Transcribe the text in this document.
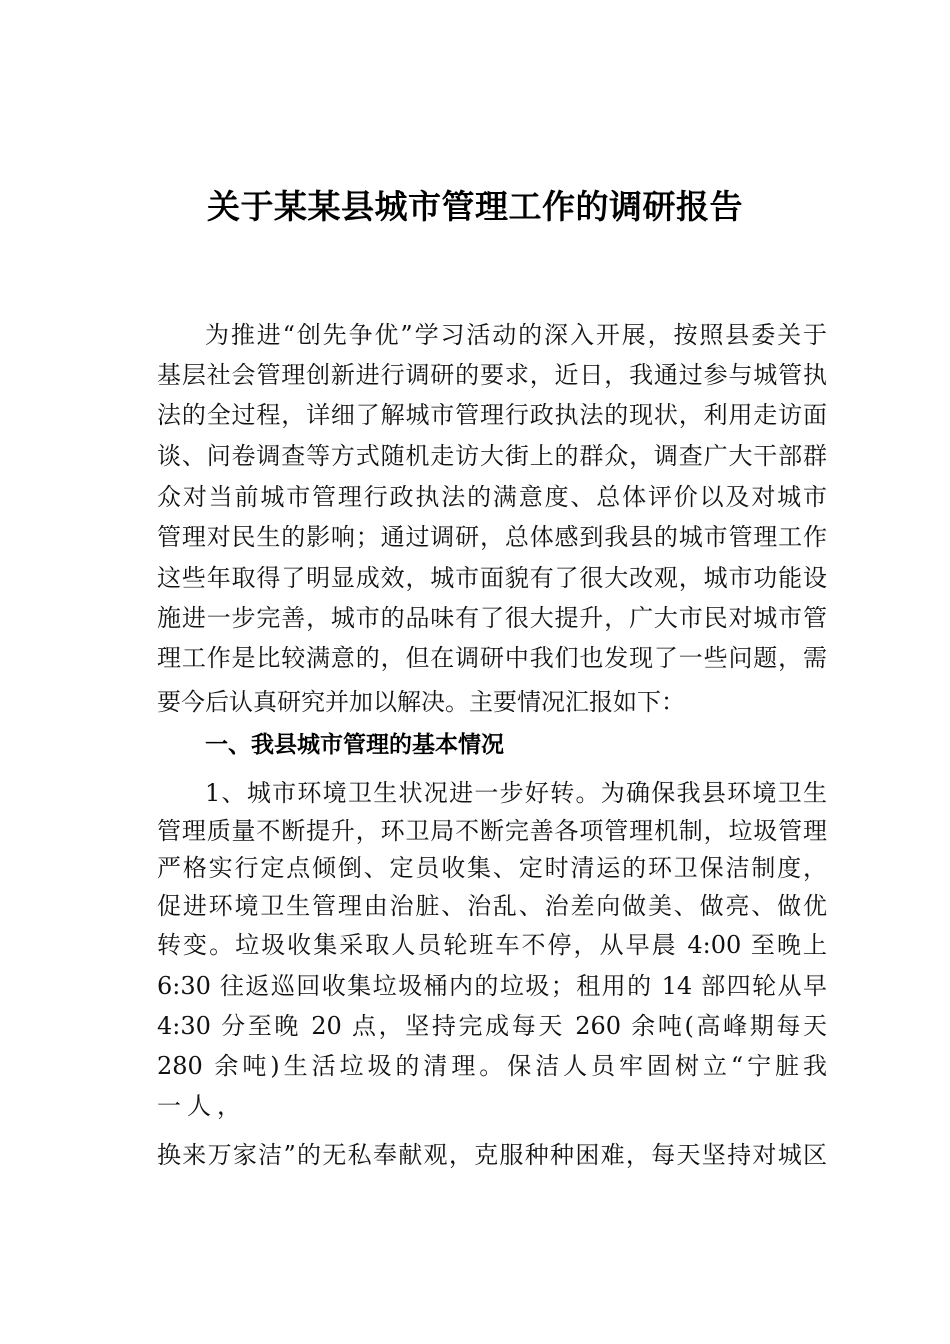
关于某某县城市管理工作的调研报告

为推进“创先争优”学习活动的深入开展，按照县委关于

基层社会管理创新进行调研的要求，近日，我通过参与城管执

法的全过程，详细了解城市管理行政执法的现状，利用走访面

谈、问卷调查等方式随机走访大街上的群众，调查广大干部群

众对当前城市管理行政执法的满意度、总体评价以及对城市

管理对民生的影响；通过调研，总体感到我县的城市管理工作

这些年取得了明显成效，城市面貌有了很大改观，城市功能设

施进一步完善，城市的品味有了很大提升，广大市民对城市管

理工作是比较满意的，但在调研中我们也发现了一些问题，需

要今后认真研究并加以解决。主要情况汇报如下：

一、我县城市管理的基本情况

1、城市环境卫生状况进一步好转。为确保我县环境卫生

管理质量不断提升，环卫局不断完善各项管理机制，垃圾管理

严格实行定点倾倒、定员收集、定时清运的环卫保洁制度，

促进环境卫生管理由治脏、治乱、治差向做美、做亮、做优

转变。垃圾收集采取人员轮班车不停，从早晨 4:00 至晚上

6:30 往返巡回收集垃圾桶内的垃圾；租用的 14 部四轮从早

4:30 分至晚 20 点，坚持完成每天 260 余吨(高峰期每天

280 余吨)生活垃圾的清理。保洁人员牢固树立“宁脏我

一人，

换来万家洁”的无私奉献观，克服种种困难，每天坚持对城区
